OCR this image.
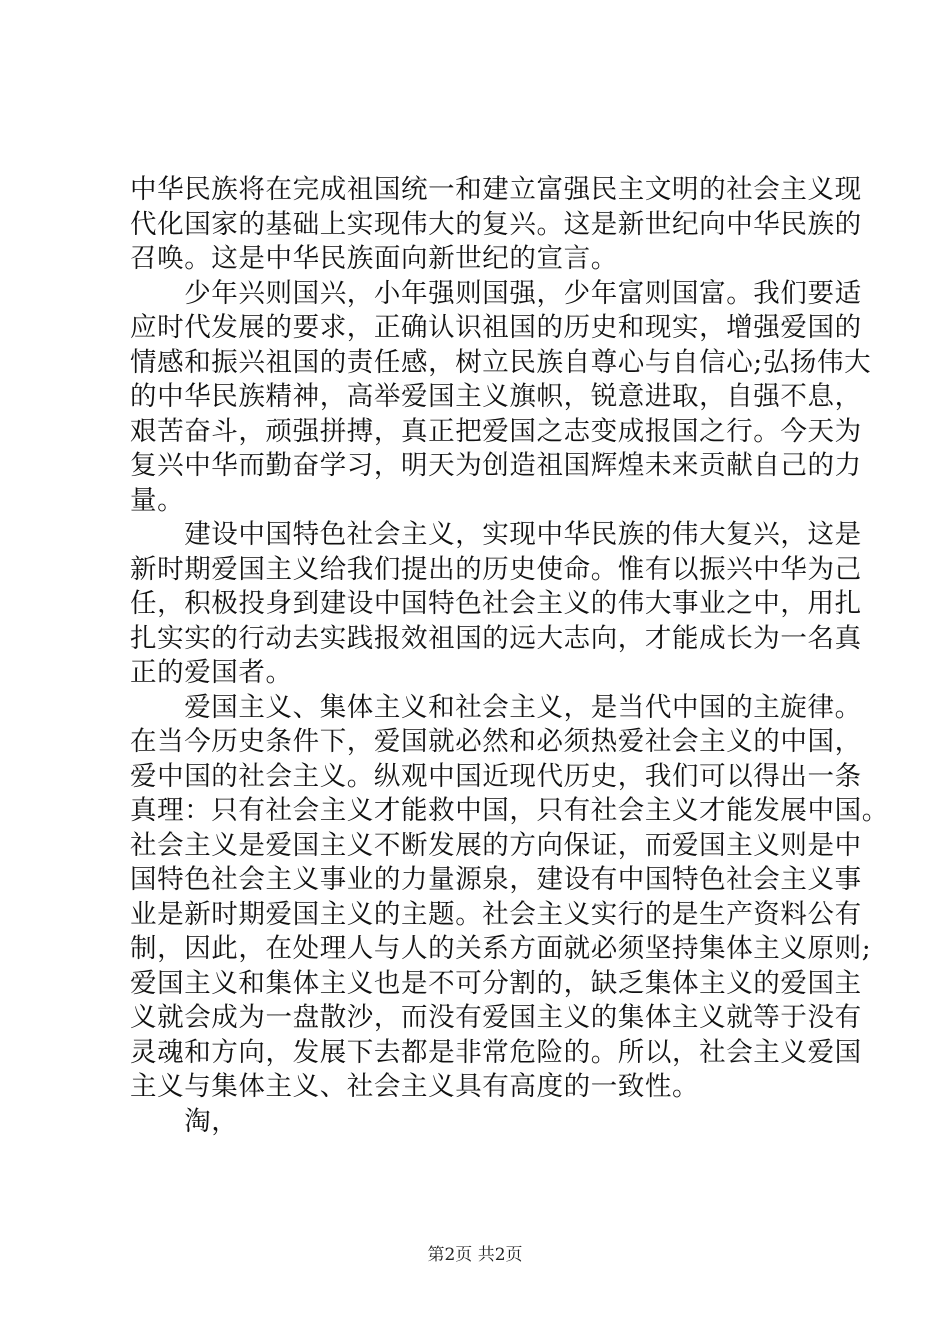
中华民族将在完成祖国统一和建立富强民主文明的社会主义现
代化国家的基础上实现伟大的复兴。这是新世纪向中华民族的
召唤。这是中华民族面向新世纪的宣言。
　　少年兴则国兴，小年强则国强，少年富则国富。我们要适
应时代发展的要求，正确认识祖国的历史和现实，增强爱国的
情感和振兴祖国的责任感，树立民族自尊心与自信心;弘扬伟大
的中华民族精神，高举爱国主义旗帜，锐意进取，自强不息，
艰苦奋斗，顽强拼搏，真正把爱国之志变成报国之行。今天为
复兴中华而勤奋学习，明天为创造祖国辉煌未来贡献自己的力
量。
　　建设中国特色社会主义，实现中华民族的伟大复兴，这是
新时期爱国主义给我们提出的历史使命。惟有以振兴中华为己
任，积极投身到建设中国特色社会主义的伟大事业之中，用扎
扎实实的行动去实践报效祖国的远大志向，才能成长为一名真
正的爱国者。
　　爱国主义、集体主义和社会主义，是当代中国的主旋律。
在当今历史条件下，爱国就必然和必须热爱社会主义的中国，
爱中国的社会主义。纵观中国近现代历史，我们可以得出一条
真理：只有社会主义才能救中国，只有社会主义才能发展中国。
社会主义是爱国主义不断发展的方向保证，而爱国主义则是中
国特色社会主义事业的力量源泉，建设有中国特色社会主义事
业是新时期爱国主义的主题。社会主义实行的是生产资料公有
制，因此，在处理人与人的关系方面就必须坚持集体主义原则;
爱国主义和集体主义也是不可分割的，缺乏集体主义的爱国主
义就会成为一盘散沙，而没有爱国主义的集体主义就等于没有
灵魂和方向，发展下去都是非常危险的。所以，社会主义爱国
主义与集体主义、社会主义具有高度的一致性。
　　淘，
第2页 共2页
